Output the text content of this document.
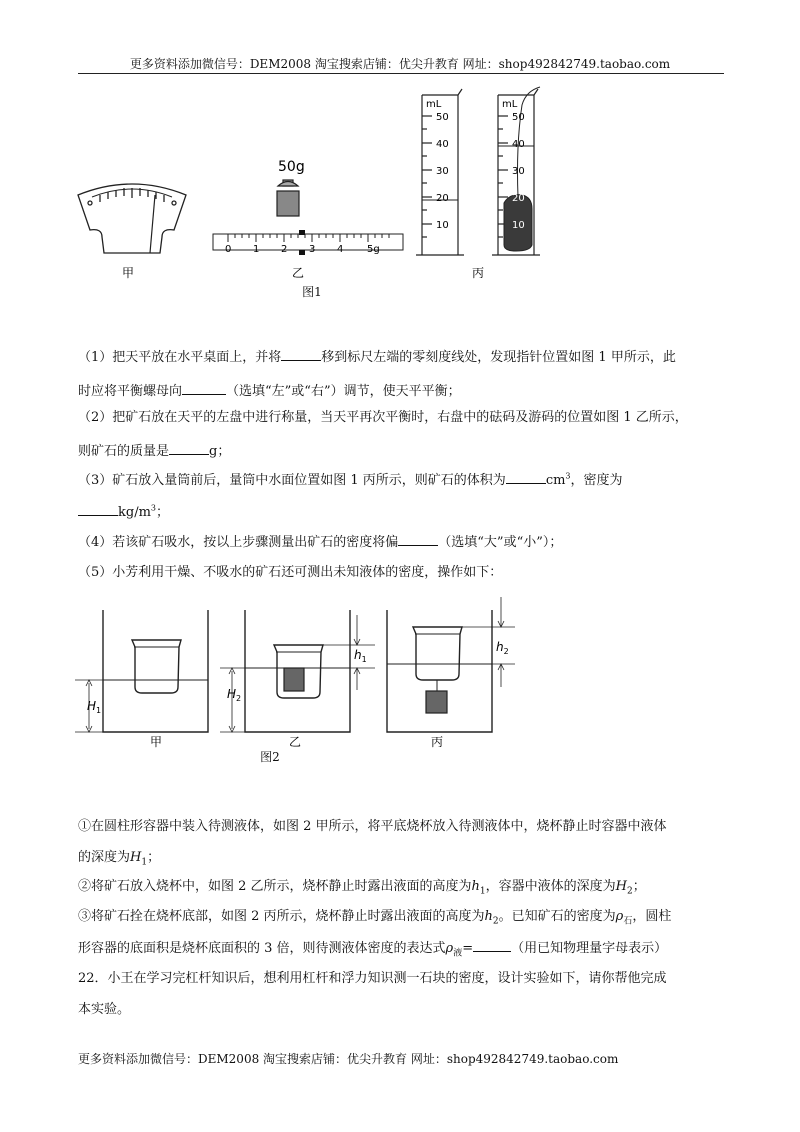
更多资料添加微信号：DEM2008 淘宝搜索店铺：优尖升教育 网址：shop492842749.taobao.com
甲
50g
0 1 2 3 4 5g
乙
mL
50
40
30
20
10
mL
50
40
30
20
10
丙
图1
（1）把天平放在水平桌面上，并将	移到标尺左端的零刻度线处，发现指针位置如图 1 甲所示，此
时应将平衡螺母向	（选填“左”或“右”）调节，使天平平衡；
（2）把矿石放在天平的左盘中进行称量，当天平再次平衡时，右盘中的砝码及游码的位置如图 1 乙所示，
则矿石的质量是	g；
（3）矿石放入量筒前后，量筒中水面位置如图 1 丙所示，则矿石的体积为	$cm^3$，密度为
$kg/m^3$；
（4）若该矿石吸水，按以上步骤测量出矿石的密度将偏	（选填“大”或“小”）；
（5）小芳利用干燥、不吸水的矿石还可测出未知液体的密度，操作如下：
$H_1$
$H_2$
$h_1$
$h_2$
甲	乙	丙
图2
①在圆柱形容器中装入待测液体，如图 2 甲所示，将平底烧杯放入待测液体中，烧杯静止时容器中液体
的深度为$H_1$；
②将矿石放入烧杯中，如图 2 乙所示，烧杯静止时露出液面的高度为$h_1$，容器中液体的深度为$H_2$；
③将矿石拴在烧杯底部，如图 2 丙所示，烧杯静止时露出液面的高度为$h_2$。已知矿石的密度为$\rho_石$，圆柱
形容器的底面积是烧杯底面积的 3 倍，则待测液体密度的表达式$\rho_液=$	（用已知物理量字母表示）
22．小王在学习完杠杆知识后，想利用杠杆和浮力知识测一石块的密度，设计实验如下，请你帮他完成
本实验。
更多资料添加微信号：DEM2008 淘宝搜索店铺：优尖升教育 网址：shop492842749.taobao.com
